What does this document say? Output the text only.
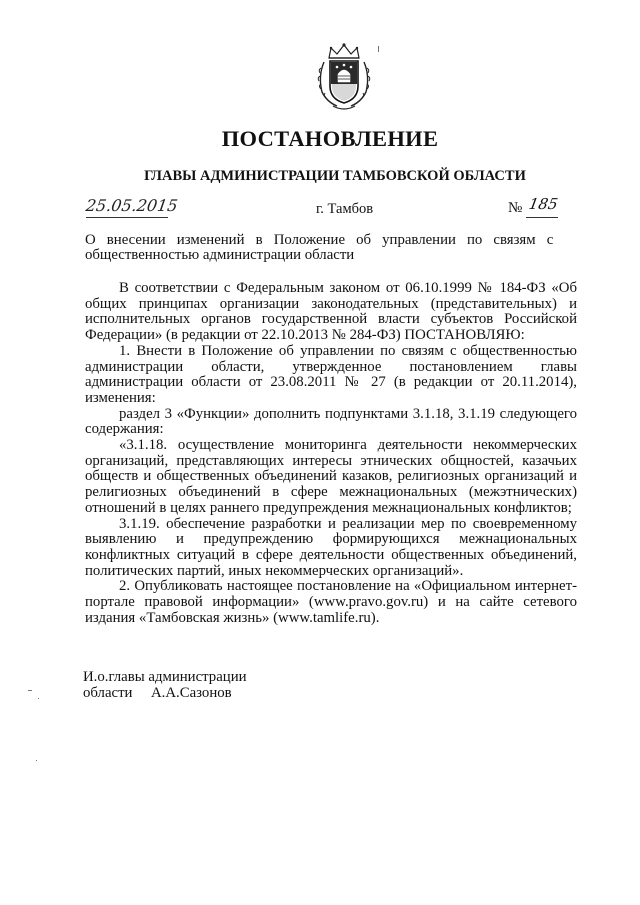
ПОСТАНОВЛЕНИЕ
ГЛАВЫ АДМИНИСТРАЦИИ ТАМБОВСКОЙ ОБЛАСТИ
25.05.2015	г. Тамбов	№ 185
О   внесении   изменений   в   Положение   об   управлении   по   связям   с
общественностью администрации области

В соответствии с Федеральным законом от 06.10.1999 № 184-ФЗ «Об общих принципах организации законодательных (представительных) и исполнительных органов государственной власти субъектов Российской Федерации» (в редакции от 22.10.2013 № 284-ФЗ) ПОСТАНОВЛЯЮ:

1. Внести в Положение об управлении по связям с общественностью администрации области, утвержденное постановлением главы администрации области от 23.08.2011 № 27 (в редакции от 20.11.2014), изменения:

раздел 3 «Функции» дополнить подпунктами 3.1.18, 3.1.19 следующего содержания:

«3.1.18. осуществление мониторинга деятельности некоммерческих организаций, представляющих интересы этнических общностей, казачьих обществ и общественных объединений казаков, религиозных организаций и религиозных объединений в сфере межнациональных (межэтнических) отношений в целях раннего предупреждения межнациональных конфликтов;

3.1.19. обеспечение разработки и реализации мер по своевременному выявлению и предупреждению формирующихся межнациональных конфликтных ситуаций в сфере деятельности общественных объединений, политических партий, иных некоммерческих организаций».

2. Опубликовать настоящее постановление на «Официальном интернет-портале правовой информации» (www.pravo.gov.ru) и на сайте сетевого издания «Тамбовская жизнь» (www.tamlife.ru).

И.о.главы администрации
области     А.А.Сазонов
